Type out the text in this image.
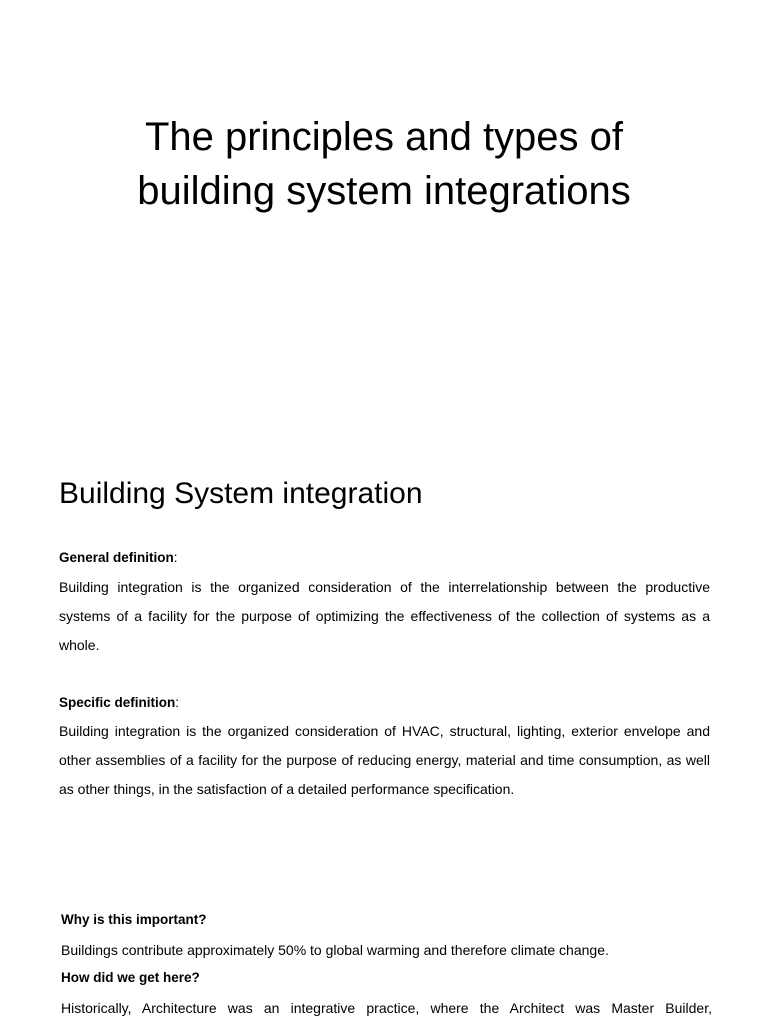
The principles and types of
building system integrations
Building System integration

General definition:

Building integration is the organized consideration of the interrelationship between the productive systems of a facility for the purpose of optimizing the effectiveness of the collection of systems as a whole.

Specific definition:

Building integration is the organized consideration of HVAC, structural, lighting, exterior envelope and other assemblies of a facility for the purpose of reducing energy, material and time consumption, as well as other things, in the satisfaction of a detailed performance specification.

Why is this important?

Buildings contribute approximately 50% to global warming and therefore climate change.

How did we get here?

Historically, Architecture was an integrative practice, where the Architect was Master Builder,
